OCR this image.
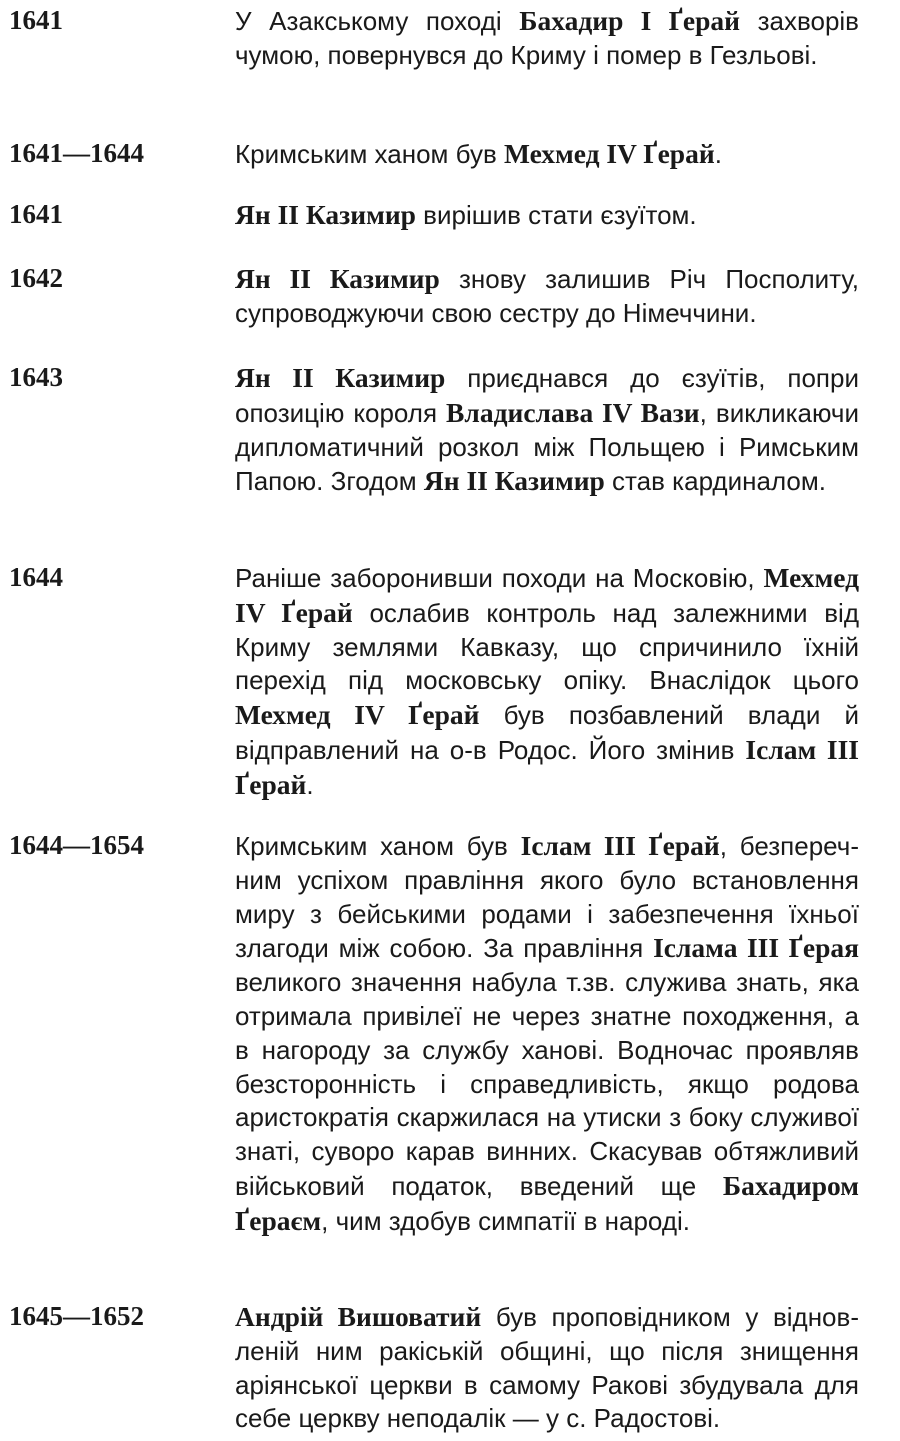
1641	У Азакському поході Бахадир I Ґерай захворів чумою, повернувся до Криму і помер в Гезльові.
1641—1644	Кримським ханом був Мехмед IV Ґерай.
1641	Ян II Казимир вирішив стати єзуїтом.
1642	Ян II Казимир знову залишив Річ Посполиту, супроводжуючи свою сестру до Німеччини.
1643	Ян II Казимир приєднався до єзуїтів, попри опозицію короля Владислава IV Вази, викликаючи дипломатичний розкол між Польщею і Римським Папою. Згодом Ян II Казимир став кардиналом.
1644	Раніше заборонивши походи на Московію, Мехмед IV Ґерай ослабив контроль над залежними від Криму землями Кавказу, що спричинило їхній перехід під московську опіку. Внаслідок цього Мехмед IV Ґерай був позбавлений влади й відправлений на о-в Родос. Його змінив Іслам III Ґерай.
1644—1654	Кримським ханом був Іслам III Ґерай, безперечним успіхом правління якого було встановлення миру з бейськими родами і забезпечення їхньої злагоди між собою. За правління Іслама III Ґерая великого значення набула т.зв. служива знать, яка отримала привілеї не через знатне походження, а в нагороду за службу ханові. Водночас проявляв безсторонність і справедливість, якщо родова аристократія скаржилася на утиски з боку служивої знаті, суворо карав винних. Скасував обтяжливий військовий податок, введений ще Бахадиром Ґераєм, чим здобув симпатії в народі.
1645—1652	Андрій Вишоватий був проповідником у відновленій ним ракіській общині, що після знищення аріянської церкви в самому Ракові збудувала для себе церкву неподалік — у с. Радостові.
